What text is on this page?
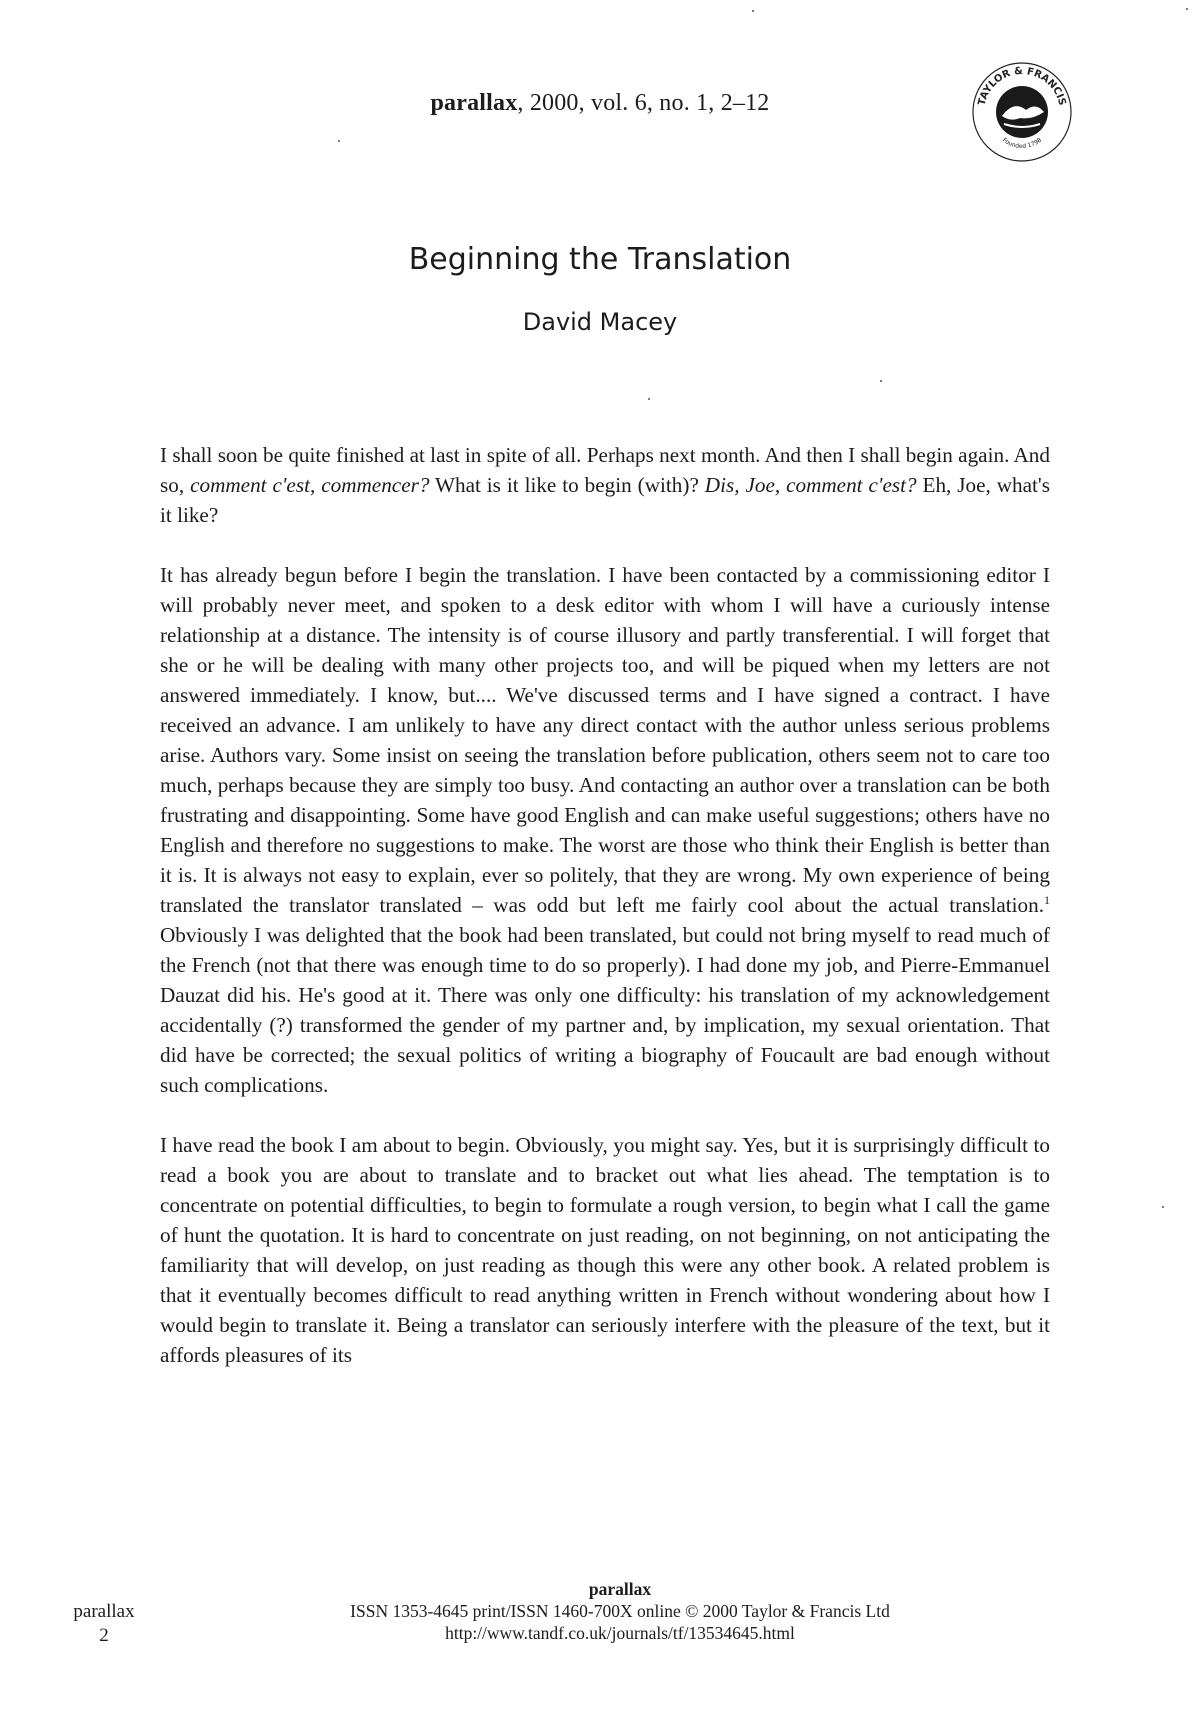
parallax, 2000, vol. 6, no. 1, 2–12	TAYLOR & FRANCIS
Founded 1798
Beginning the Translation
David Macey

I shall soon be quite finished at last in spite of all. Perhaps next month. And then I shall begin again. And so, comment c'est, commencer? What is it like to begin (with)? Dis, Joe, comment c'est? Eh, Joe, what's it like?

It has already begun before I begin the translation. I have been contacted by a commissioning editor I will probably never meet, and spoken to a desk editor with whom I will have a curiously intense relationship at a distance. The intensity is of course illusory and partly transferential. I will forget that she or he will be dealing with many other projects too, and will be piqued when my letters are not answered immediately. I know, but.... We've discussed terms and I have signed a contract. I have received an advance. I am unlikely to have any direct contact with the author unless serious problems arise. Authors vary. Some insist on seeing the translation before publication, others seem not to care too much, perhaps because they are simply too busy. And contacting an author over a translation can be both frustrating and disappointing. Some have good English and can make useful suggestions; others have no English and therefore no suggestions to make. The worst are those who think their English is better than it is. It is always not easy to explain, ever so politely, that they are wrong. My own experience of being translated the translator translated – was odd but left me fairly cool about the actual translation.$^1$ Obviously I was delighted that the book had been translated, but could not bring myself to read much of the French (not that there was enough time to do so properly). I had done my job, and Pierre-Emmanuel Dauzat did his. He's good at it. There was only one difficulty: his translation of my acknowledgement accidentally (?) transformed the gender of my partner and, by implication, my sexual orientation. That did have be corrected; the sexual politics of writing a biography of Foucault are bad enough without such complications.

I have read the book I am about to begin. Obviously, you might say. Yes, but it is surprisingly difficult to read a book you are about to translate and to bracket out what lies ahead. The temptation is to concentrate on potential difficulties, to begin to formulate a rough version, to begin what I call the game of hunt the quotation. It is hard to concentrate on just reading, on not beginning, on not anticipating the familiarity that will develop, on just reading as though this were any other book. A related problem is that it eventually becomes difficult to read anything written in French without wondering about how I would begin to translate it. Being a translator can seriously interfere with the pleasure of the text, but it affords pleasures of its

parallax
2
parallax
ISSN 1353-4645 print/ISSN 1460-700X online © 2000 Taylor & Francis Ltd
http://www.tandf.co.uk/journals/tf/13534645.html
